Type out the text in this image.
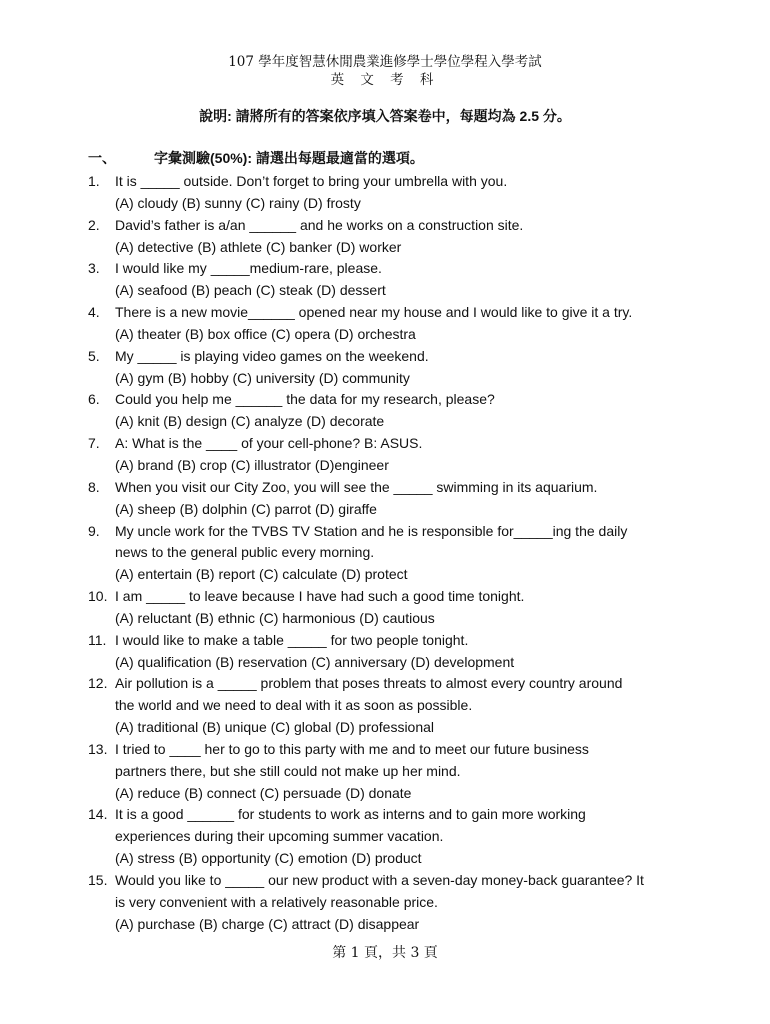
107 學年度智慧休閒農業進修學士學位學程入學考試
英 文 考 科
說明: 請將所有的答案依序填入答案卷中，每題均為 2.5 分。
一、	字彙測驗(50%): 請選出每題最適當的選項。
1.	It is _____ outside. Don’t forget to bring your umbrella with you.
(A) cloudy (B) sunny (C) rainy (D) frosty
2.	David’s father is a/an ______ and he works on a construction site.
(A) detective (B) athlete (C) banker (D) worker
3.	I would like my _____medium-rare, please.
(A) seafood (B) peach (C) steak (D) dessert
4.	There is a new movie______ opened near my house and I would like to give it a try.
(A) theater (B) box office (C) opera (D) orchestra
5.	My _____ is playing video games on the weekend.
(A) gym (B) hobby (C) university (D) community
6.	Could you help me ______ the data for my research, please?
(A) knit (B) design (C) analyze (D) decorate
7.	A: What is the ____ of your cell-phone? B: ASUS.
(A) brand (B) crop (C) illustrator (D)engineer
8.	When you visit our City Zoo, you will see the _____ swimming in its aquarium.
(A) sheep (B) dolphin (C) parrot (D) giraffe
9.	My uncle work for the TVBS TV Station and he is responsible for_____ing the daily
news to the general public every morning.
(A) entertain (B) report (C) calculate (D) protect
10. I am _____ to leave because I have had such a good time tonight.
(A) reluctant (B) ethnic (C) harmonious (D) cautious
11. I would like to make a table _____ for two people tonight.
(A) qualification (B) reservation (C) anniversary (D) development
12. Air pollution is a _____ problem that poses threats to almost every country around
the world and we need to deal with it as soon as possible.
(A) traditional (B) unique (C) global (D) professional
13. I tried to ____ her to go to this party with me and to meet our future business
partners there, but she still could not make up her mind.
(A) reduce (B) connect (C) persuade (D) donate
14. It is a good ______ for students to work as interns and to gain more working
experiences during their upcoming summer vacation.
(A) stress (B) opportunity (C) emotion (D) product
15. Would you like to _____ our new product with a seven-day money-back guarantee? It
is very convenient with a relatively reasonable price.
(A) purchase (B) charge (C) attract (D) disappear
第 1 頁，共 3 頁
